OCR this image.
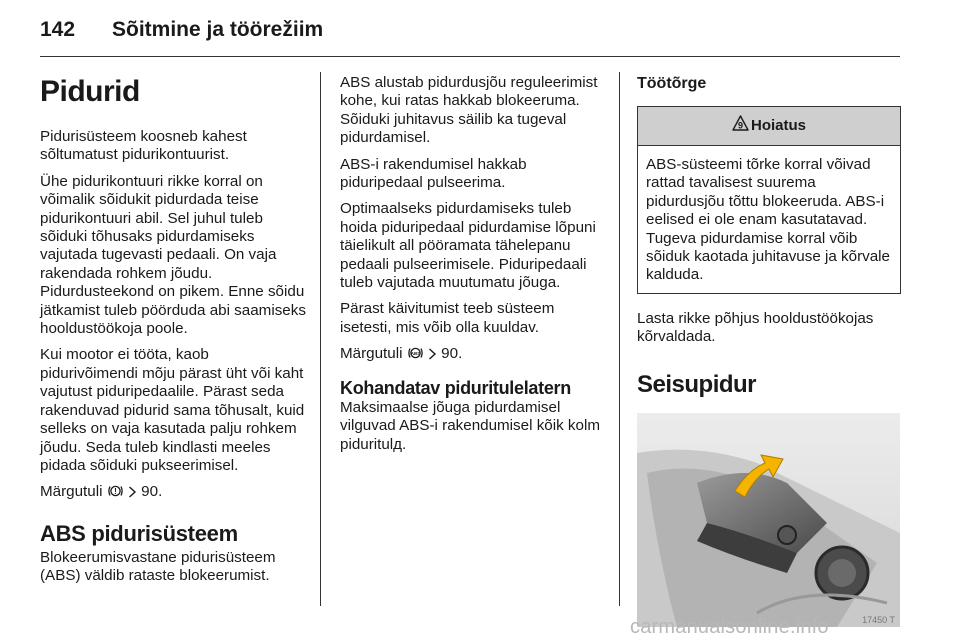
142 Sõitmine ja töörežiim
Pidurid

Pidurisüsteem koosneb kahest sõltumatust pidurikontuurist.

Ühe pidurikontuuri rikke korral on võimalik sõidukit pidurdada teise pidurikontuuri abil. Sel juhul tuleb sõiduki tõhusaks pidurdamiseks vajutada tugevasti pedaali. On vaja rakendada rohkem jõudu. Pidurdusteekond on pikem. Enne sõidu jätkamist tuleb pöörduda abi saamiseks hooldustöökoja poole.

Kui mootor ei tööta, kaob pidurivõimendi mõju pärast üht või kaht vajutust piduripedaalile. Pärast seda rakenduvad pidurid sama tõhusalt, kuid selleks on vaja kasutada palju rohkem jõudu. Seda tuleb kindlasti meeles pidada sõiduki pukseerimisel.

Märgutuli ! 90.

ABS pidurisüsteem

Blokeerumisvastane pidurisüsteem (ABS) väldib rataste blokeerumist.

ABS alustab pidurdusjõu reguleerimist kohe, kui ratas hakkab blokeeruma. Sõiduki juhitavus säilib ka tugeval pidurdamisel.

ABS-i rakendumisel hakkab piduripedaal pulseerima.

Optimaalseks pidurdamiseks tuleb hoida piduripedaal pidurdamise lõpuni täielikult all pööramata tähelepanu pedaali pulseerimisele. Piduripedaali tuleb vajutada muutumatu jõuga.

Pärast käivitumist teeb süsteem isetesti, mis võib olla kuuldav.

Märgutuli ABS 90.

Kohandatav piduritulelatern

Maksimaalse jõuga pidurdamisel vilguvad ABS-i rakendumisel kõik kolm piduritulд.

Töötõrge
9 Hoiatus
ABS-süsteemi tõrke korral võivad rattad tavalisest suurema pidurdusjõu tõttu blokeeruda. ABS-i eelised ei ole enam kasutatavad. Tugeva pidurdamise korral võib sõiduk kaotada juhitavuse ja kõrvale kalduda.

Lasta rikke põhjus hooldustöökojas kõrvaldada.

Seisupidur
17450 T
carmanualsonline.info
